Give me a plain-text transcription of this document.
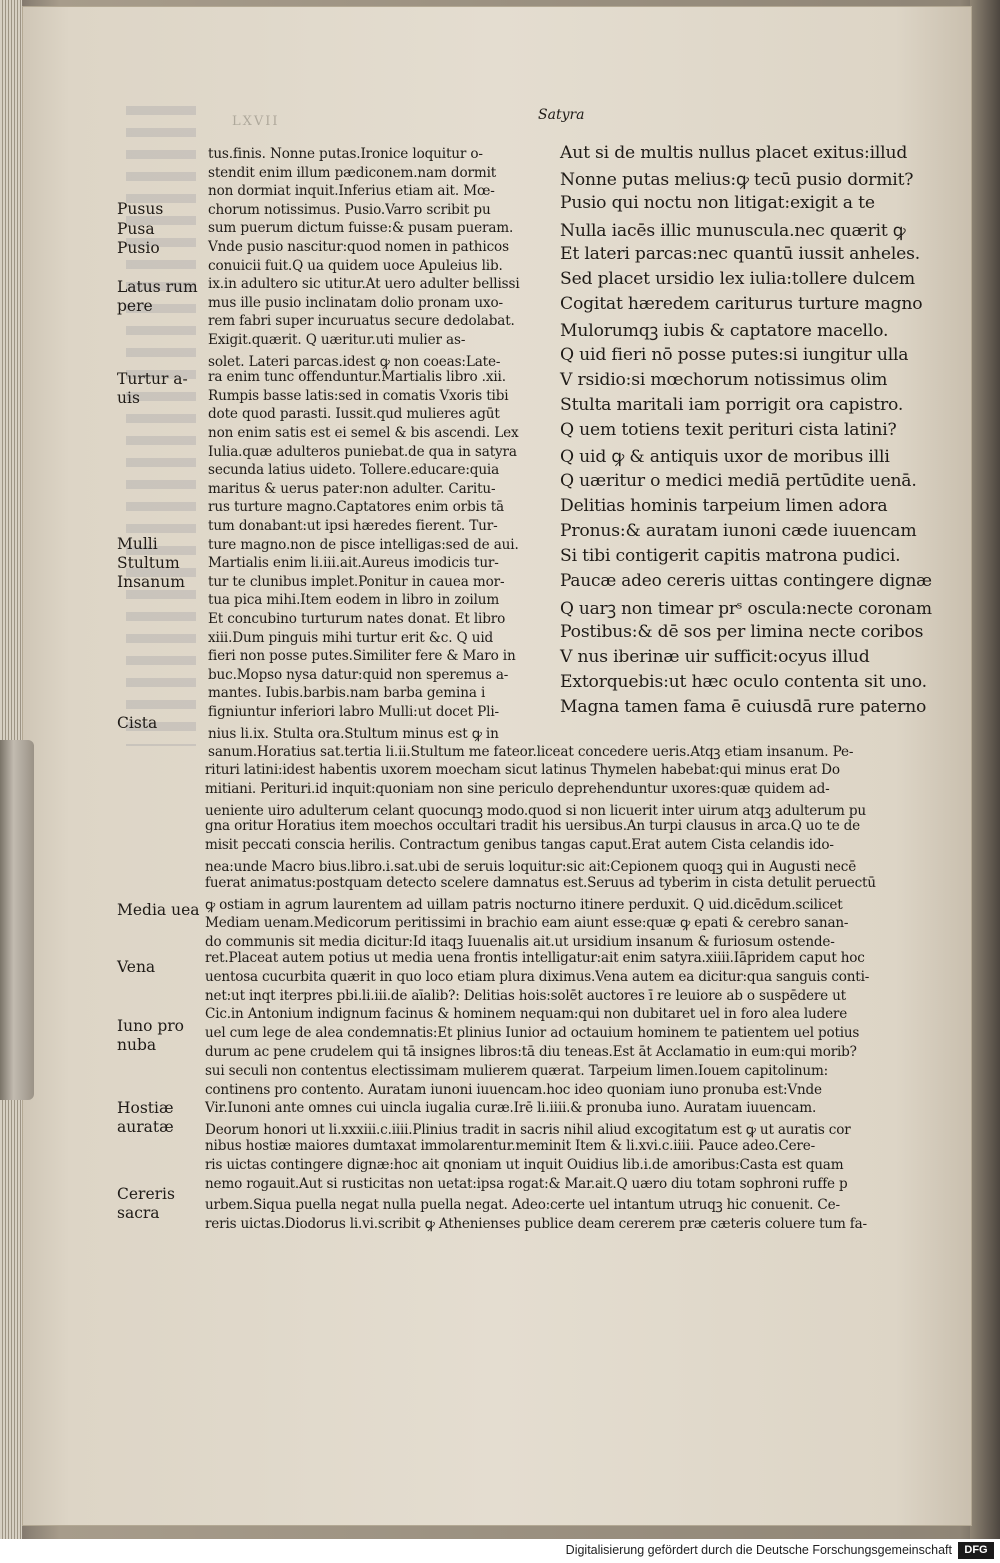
LXVII	Satyra
Pusus
Pusa
Pusio
Latus rum
pere
Turtur a-
uis
Mulli
Stultum
Insanum
Cista
Media uea
Vena
Iuno pro
nuba
Hostiæ
auratæ
Cereris
sacra
tus.finis. Nonne putas.Ironice loquitur o-
stendit enim illum pædiconem.nam dormit
non dormiat inquit.Inferius etiam ait. Mœ-
chorum notissimus. Pusio.Varro scribit pu
sum puerum dictum fuisse:& pusam pueram.
Vnde pusio nascitur:quod nomen in pathicos
conuicii fuit.Q ua quidem uoce Apuleius lib.
ix.in adultero sic utitur.At uero adulter bellissi
mus ille pusio inclinatam dolio pronam uxo-
rem fabri super incuruatus secure dedolabat.
Exigit.quærit. Q uæritur.uti mulier as-
solet. Lateri parcas.idest ꝙ non coeas:Late-
ra enim tunc offenduntur.Martialis libro .xii.
Rumpis basse latis:sed in comatis Vxoris tibi
dote quod parasti. Iussit.qud mulieres agūt
non enim satis est ei semel & bis ascendi. Lex
Iulia.quæ adulteros puniebat.de qua in satyra
secunda latius uideto. Tollere.educare:quia
maritus & uerus pater:non adulter. Caritu-
rus turture magno.Captatores enim orbis tā
tum donabant:ut ipsi hæredes fierent. Tur-
ture magno.non de pisce intelligas:sed de aui.
Martialis enim li.iii.ait.Aureus imodicis tur-
tur te clunibus implet.Ponitur in cauea mor-
tua pica mihi.Item eodem in libro in zoilum
Et concubino turturum nates donat. Et libro
xiii.Dum pinguis mihi turtur erit &c. Q uid
fieri non posse putes.Similiter fere & Maro in
buc.Mopso nysa datur:quid non speremus a-
mantes. Iubis.barbis.nam barba gemina i
figniuntur inferiori labro Mulli:ut docet Pli-
nius li.ix. Stulta ora.Stultum minus est ꝙ in
sanum.Horatius sat.tertia li.ii.Stultum me fateor.liceat concedere ueris.Atqꝫ etiam insanum. Pe-
Aut si de multis nullus placet exitus:illud
Nonne putas melius:ꝙ tecū pusio dormit?
Pusio qui noctu non litigat:exigit a te
Nulla iacēs illic munuscula.nec quærit ꝙ
Et lateri parcas:nec quantū iussit anheles.
Sed placet ursidio lex iulia:tollere dulcem
Cogitat hæredem cariturus turture magno
Mulorumqꝫ iubis & captatore macello.
Q uid fieri nō posse putes:si iungitur ulla
V rsidio:si mœchorum notissimus olim
Stulta maritali iam porrigit ora capistro.
Q uem totiens texit perituri cista latini?
Q uid ꝙ & antiquis uxor de moribus illi
Q uæritur o medici mediā pertūdite uenā.
Delitias hominis tarpeium limen adora
Pronus:& auratam iunoni cæde iuuencam
Si tibi contigerit capitis matrona pudici.
Paucæ adeo cereris uittas contingere dignæ
Q uarꝫ non timear prˢ oscula:necte coronam
Postibus:& dē sos per limina necte coribos
V nus iberinæ uir sufficit:ocyus illud
Extorquebis:ut hæc oculo contenta sit uno.
Magna tamen fama ē cuiusdā rure paterno
rituri latini:idest habentis uxorem moecham sicut latinus Thymelen habebat:qui minus erat Do
mitiani. Perituri.id inquit:quoniam non sine periculo deprehenduntur uxores:quæ quidem ad-
ueniente uiro adulterum celant quocunqꝫ modo.quod si non licuerit inter uirum atqꝫ adulterum pu
gna oritur Horatius item moechos occultari tradit his uersibus.An turpi clausus in arca.Q uo te de
misit peccati conscia herilis. Contractum genibus tangas caput.Erat autem Cista celandis ido-
nea:unde Macro bius.libro.i.sat.ubi de seruis loquitur:sic ait:Cepionem quoqꝫ qui in Augusti necē
fuerat animatus:postquam detecto scelere damnatus est.Seruus ad tyberim in cista detulit peruectū
ꝙ ostiam in agrum laurentem ad uillam patris nocturno itinere perduxit. Q uid.dicēdum.scilicet
Mediam uenam.Medicorum peritissimi in brachio eam aiunt esse:quæ ꝙ epati & cerebro sanan-
do communis sit media dicitur:Id itaqꝫ Iuuenalis ait.ut ursidium insanum & furiosum ostende-
ret.Placeat autem potius ut media uena frontis intelligatur:ait enim satyra.xiiii.Iāpridem caput hoc
uentosa cucurbita quærit in quo loco etiam plura diximus.Vena autem ea dicitur:qua sanguis conti-
net:ut inqt iterpres pbi.li.iii.de aīalib?: Delitias hois:solēt auctores ī re leuiore ab o suspēdere ut
Cic.in Antonium indignum facinus & hominem nequam:qui non dubitaret uel in foro alea ludere
uel cum lege de alea condemnatis:Et plinius Iunior ad octauium hominem te patientem uel potius
durum ac pene crudelem qui tā insignes libros:tā diu teneas.Est āt Acclamatio in eum:qui morib?
sui seculi non contentus electissimam mulierem quærat. Tarpeium limen.Iouem capitolinum:
continens pro contento. Auratam iunoni iuuencam.hoc ideo quoniam iuno pronuba est:Vnde
Vir.Iunoni ante omnes cui uincla iugalia curæ.Irē li.iiii.& pronuba iuno. Auratam iuuencam.
Deorum honori ut li.xxxiii.c.iiii.Plinius tradit in sacris nihil aliud excogitatum est ꝙ ut auratis cor
nibus hostiæ maiores dumtaxat immolarentur.meminit Item & li.xvi.c.iiii. Pauce adeo.Cere-
ris uictas contingere dignæ:hoc ait qnoniam ut inquit Ouidius lib.i.de amoribus:Casta est quam
nemo rogauit.Aut si rusticitas non uetat:ipsa rogat:& Mar.ait.Q uæro diu totam sophroni ruffe p
urbem.Siqua puella negat nulla puella negat. Adeo:certe uel intantum utruqꝫ hic conuenit. Ce-
reris uictas.Diodorus li.vi.scribit ꝙ Athenienses publice deam cererem præ cæteris coluere tum fa-
Digitalisierung gefördert durch die Deutsche Forschungsgemeinschaft	DFG
